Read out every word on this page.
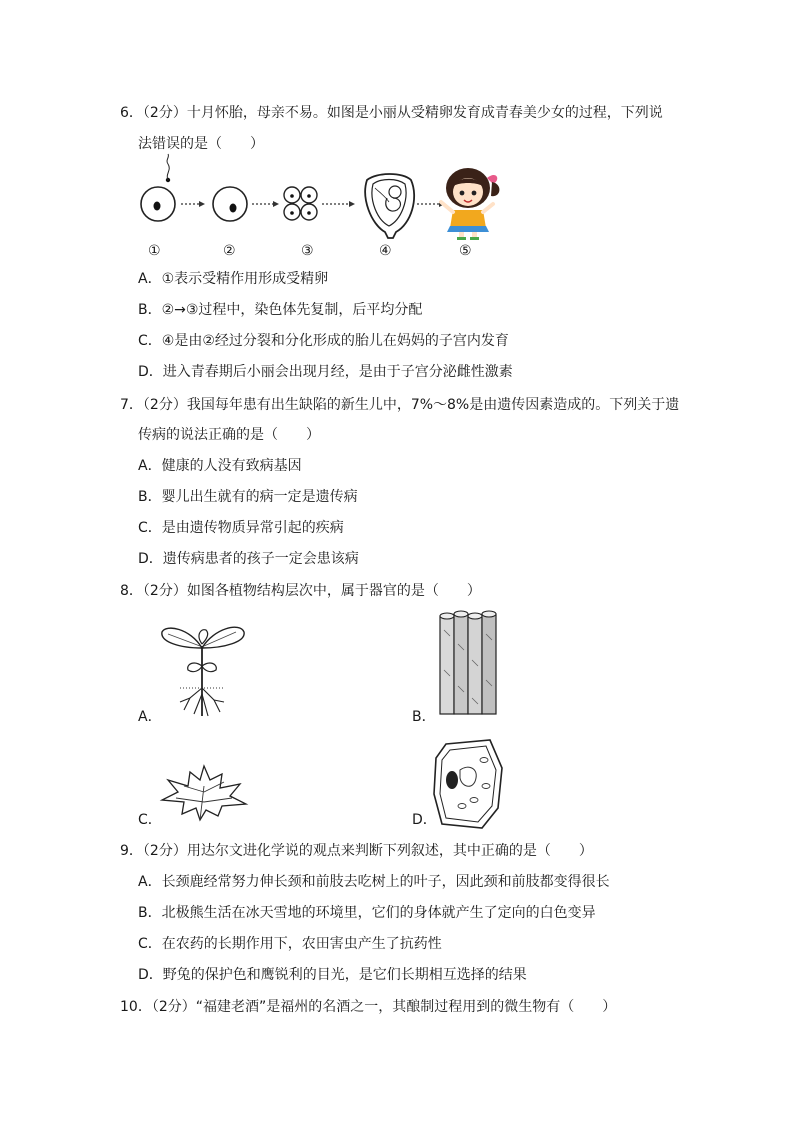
6．（2分）十月怀胎，母亲不易。如图是小丽从受精卵发育成青春美少女的过程，下列说
法错误的是（　　）
①	②	③	④	⑤
A．①表示受精作用形成受精卵
B．②→③过程中，染色体先复制，后平均分配
C．④是由②经过分裂和分化形成的胎儿在妈妈的子宫内发育
D．进入青春期后小丽会出现月经，是由于子宫分泌雌性激素
7．（2分）我国每年患有出生缺陷的新生儿中，7%～8%是由遗传因素造成的。下列关于遗
传病的说法正确的是（　　）
A．健康的人没有致病基因
B．婴儿出生就有的病一定是遗传病
C．是由遗传物质异常引起的疾病
D．遗传病患者的孩子一定会患该病
8．（2分）如图各植物结构层次中，属于器官的是（　　）
A．	B．
C．	D．
9．（2分）用达尔文进化学说的观点来判断下列叙述，其中正确的是（　　）
A．长颈鹿经常努力伸长颈和前肢去吃树上的叶子，因此颈和前肢都变得很长
B．北极熊生活在冰天雪地的环境里，它们的身体就产生了定向的白色变异
C．在农药的长期作用下，农田害虫产生了抗药性
D．野兔的保护色和鹰锐利的目光，是它们长期相互选择的结果
10．（2分）“福建老酒”是福州的名酒之一，其酿制过程用到的微生物有（　　）
